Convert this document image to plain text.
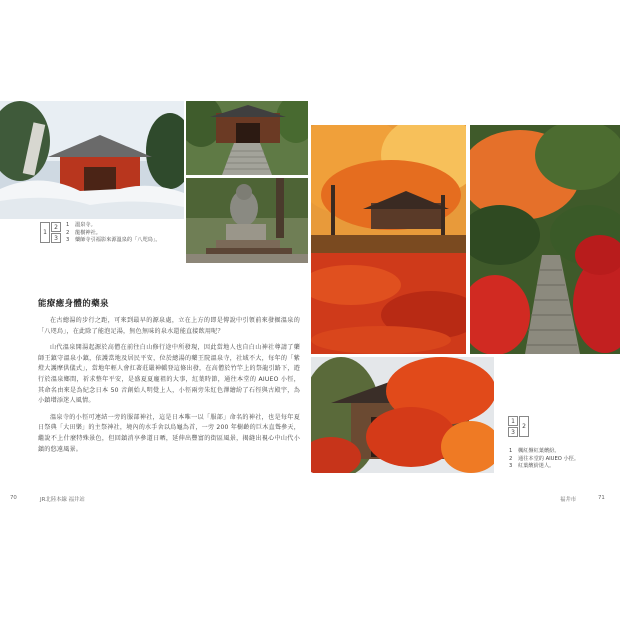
1
2
3
1 溫泉寺。
2 龍樹神社。
3 藥師寺引福影來源溫泉的「八咫鳥」。
能療癒身體的藥泉

在古總湯的步行之距，可來到最早的源泉處，立在上方的即是傳說中引領前來發掘溫泉的「八咫烏」，在此除了能泡足湯，無色無味的泉水還能直接飲用呢？

山代溫泉開湯起源於高僧在前往白山修行途中所發現，因此當地人也自白山神社尊請了藥師王鎮守溫泉小鎮，依護當地及居民平安，位於總湯的藥王院溫泉寺，社域不大，每年的「紫燈大護摩供儀式」，當地年輕人會扛著莊嚴神轎登這條出發，在高僧於竹竿上的祭龍引路下，遊行於溫泉鄉間，祈求整年平安，是盛夏夏龐祖的大事，紅葉時節，通往本堂的 AIUEO 小徑，其命名由來是為紀念日本 50 音創始人明覺上人，小徑兩旁朱紅色澤繪紛了石徑與古殿宇，為小鎮增添迷人風情。

溫泉寺的小徑可連結一旁的服部神社，這是日本唯一以「服部」命名的神社，也是每年夏日祭典「大田樂」的主祭神社，境內的水手舍以烏龜為首，一旁 200 年樹齡的巨木直聳參天，繼說不上什麼特殊景色，但回鎮消享參道日晒，延伸出豐富的街區風景，揭縫出視心中山代小鎮的悠遠風景。

1
2
3
1 楓紅盤紅葉繽紛。
2 通往本堂的 AIUEO 小徑。
3 紅葉繽紛迷人。
70	JR北陸本線 福井站	福井市	71
